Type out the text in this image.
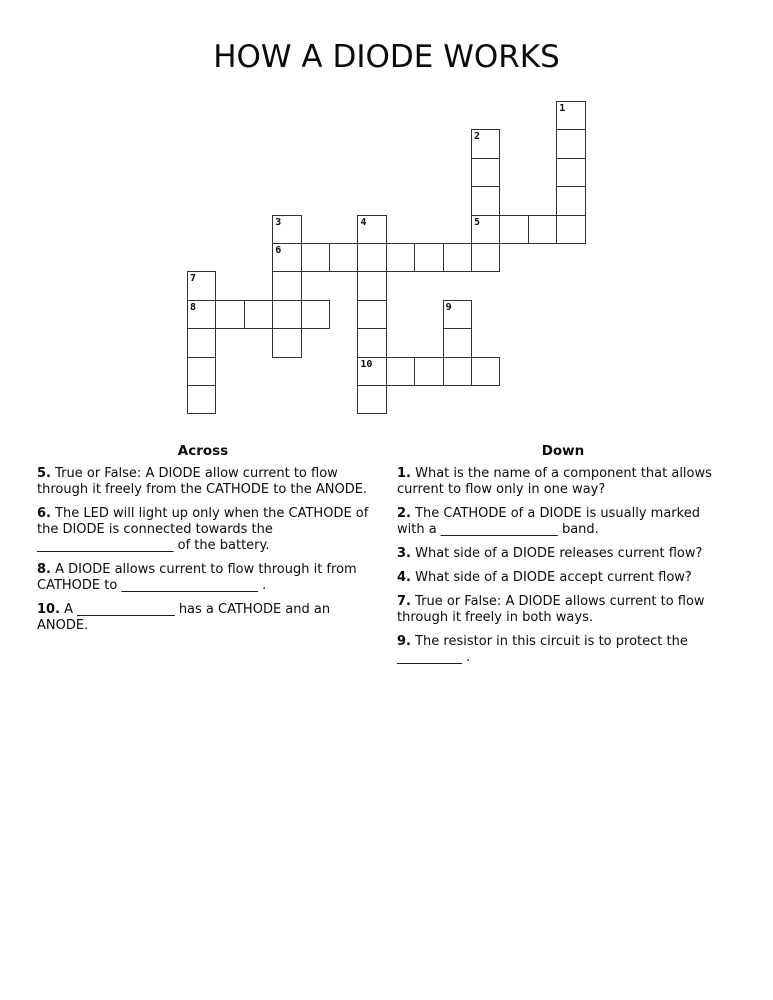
HOW A DIODE WORKS
1
2
3	4	5
6
7
8	9
10
Across

5. True or False: A DIODE allow current to flow through it freely from the CATHODE to the ANODE.

6. The LED will light up only when the CATHODE of the DIODE is connected towards the _____________________ of the battery.

8. A DIODE allows current to flow through it from CATHODE to _____________________ .

10. A _______________ has a CATHODE and an ANODE.

Down

1. What is the name of a component that allows current to flow only in one way?

2. The CATHODE of a DIODE is usually marked with a __________________ band.

3. What side of a DIODE releases current flow?

4. What side of a DIODE accept current flow?

7. True or False: A DIODE allows current to flow through it freely in both ways.

9. The resistor in this circuit is to protect the __________ .
